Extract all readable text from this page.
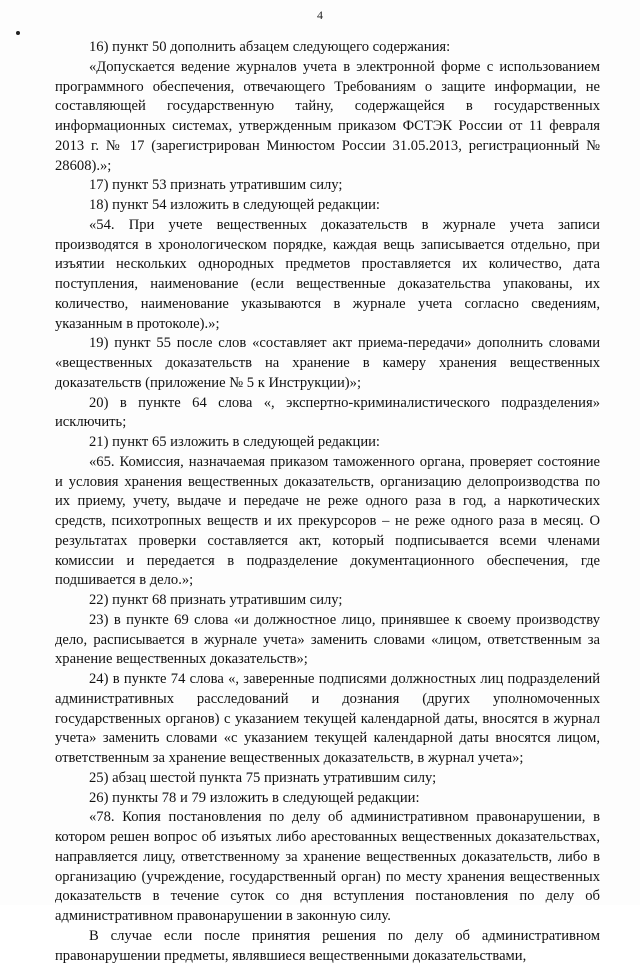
4

16) пункт 50 дополнить абзацем следующего содержания:

«Допускается ведение журналов учета в электронной форме с использованием программного обеспечения, отвечающего Требованиям о защите информации, не составляющей государственную тайну, содержащейся в государственных информационных системах, утвержденным приказом ФСТЭК России от 11 февраля 2013 г. № 17 (зарегистрирован Минюстом России 31.05.2013, регистрационный № 28608).»;

17) пункт 53 признать утратившим силу;

18) пункт 54 изложить в следующей редакции:

«54. При учете вещественных доказательств в журнале учета записи производятся в хронологическом порядке, каждая вещь записывается отдельно, при изъятии нескольких однородных предметов проставляется их количество, дата поступления, наименование (если вещественные доказательства упакованы, их количество, наименование указываются в журнале учета согласно сведениям, указанным в протоколе).»;

19) пункт 55 после слов «составляет акт приема-передачи» дополнить словами «вещественных доказательств на хранение в камеру хранения вещественных доказательств (приложение № 5 к Инструкции)»;

20) в пункте 64 слова «, экспертно-криминалистического подразделения» исключить;

21) пункт 65 изложить в следующей редакции:

«65. Комиссия, назначаемая приказом таможенного органа, проверяет состояние и условия хранения вещественных доказательств, организацию делопроизводства по их приему, учету, выдаче и передаче не реже одного раза в год, а наркотических средств, психотропных веществ и их прекурсоров – не реже одного раза в месяц. О результатах проверки составляется акт, который подписывается всеми членами комиссии и передается в подразделение документационного обеспечения, где подшивается в дело.»;

22) пункт 68 признать утратившим силу;

23) в пункте 69 слова «и должностное лицо, принявшее к своему производству дело, расписывается в журнале учета» заменить словами «лицом, ответственным за хранение вещественных доказательств»;

24) в пункте 74 слова «, заверенные подписями должностных лиц подразделений административных расследований и дознания (других уполномоченных государственных органов) с указанием текущей календарной даты, вносятся в журнал учета» заменить словами «с указанием текущей календарной даты вносятся лицом, ответственным за хранение вещественных доказательств, в журнал учета»;

25) абзац шестой пункта 75 признать утратившим силу;

26) пункты 78 и 79 изложить в следующей редакции:

«78. Копия постановления по делу об административном правонарушении, в котором решен вопрос об изъятых либо арестованных вещественных доказательствах, направляется лицу, ответственному за хранение вещественных доказательств, либо в организацию (учреждение, государственный орган) по месту хранения вещественных доказательств в течение суток со дня вступления постановления по делу об административном правонарушении в законную силу.

В случае если после принятия решения по делу об административном правонарушении предметы, являвшиеся вещественными доказательствами,
